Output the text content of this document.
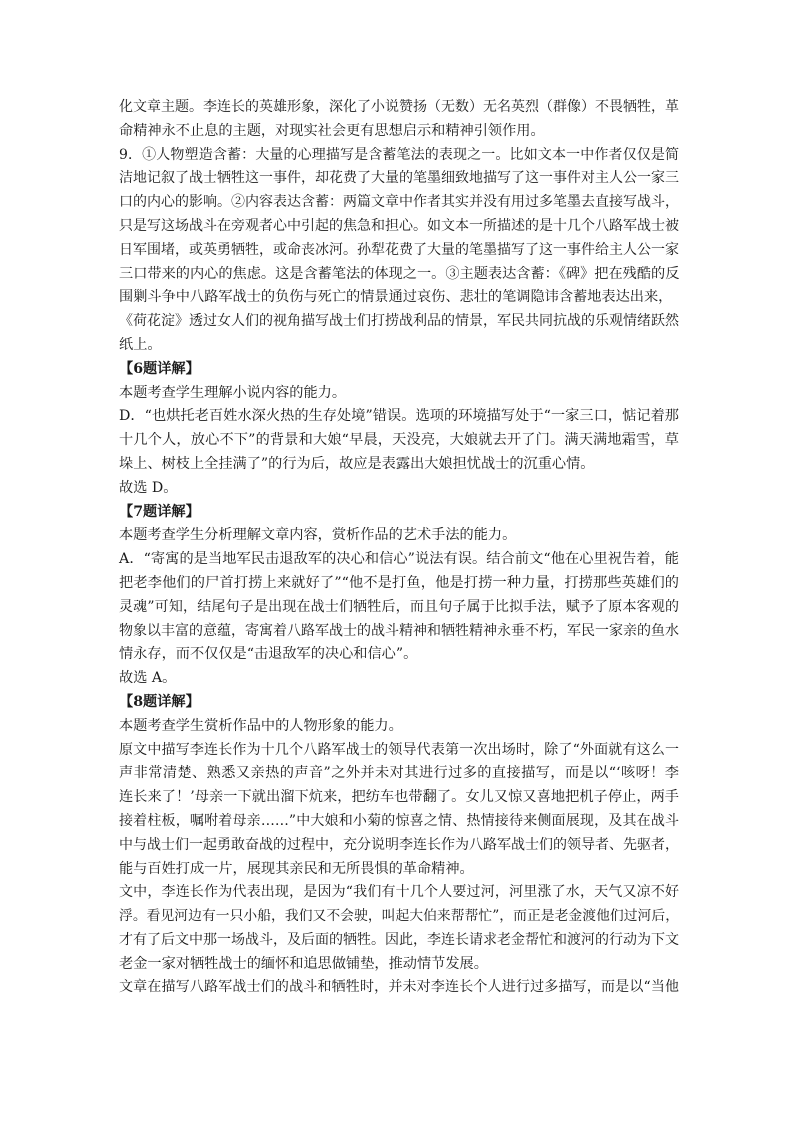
化文章主题。李连长的英雄形象，深化了小说赞扬（无数）无名英烈（群像）不畏牺牲，革
命精神永不止息的主题，对现实社会更有思想启示和精神引领作用。
9．①人物塑造含蓄：大量的心理描写是含蓄笔法的表现之一。比如文本一中作者仅仅是简
洁地记叙了战士牺牲这一事件，却花费了大量的笔墨细致地描写了这一事件对主人公一家三
口的内心的影响。②内容表达含蓄：两篇文章中作者其实并没有用过多笔墨去直接写战斗，
只是写这场战斗在旁观者心中引起的焦急和担心。如文本一所描述的是十几个八路军战士被
日军围堵，或英勇牺牲，或命丧冰河。孙犁花费了大量的笔墨描写了这一事件给主人公一家
三口带来的内心的焦虑。这是含蓄笔法的体现之一。③主题表达含蓄：《碑》把在残酷的反
围剿斗争中八路军战士的负伤与死亡的情景通过哀伤、悲壮的笔调隐讳含蓄地表达出来，
《荷花淀》透过女人们的视角描写战士们打捞战利品的情景，军民共同抗战的乐观情绪跃然
纸上。
【6题详解】
本题考查学生理解小说内容的能力。
D．“也烘托老百姓水深火热的生存处境”错误。选项的环境描写处于“一家三口，惦记着那
十几个人，放心不下”的背景和大娘“早晨，天没亮，大娘就去开了门。满天满地霜雪，草
垛上、树枝上全挂满了”的行为后，故应是表露出大娘担忧战士的沉重心情。
故选 D。
【7题详解】
本题考查学生分析理解文章内容，赏析作品的艺术手法的能力。
A．“寄寓的是当地军民击退敌军的决心和信心”说法有误。结合前文“他在心里祝告着，能
把老李他们的尸首打捞上来就好了”“他不是打鱼，他是打捞一种力量，打捞那些英雄们的
灵魂”可知，结尾句子是出现在战士们牺牲后，而且句子属于比拟手法，赋予了原本客观的
物象以丰富的意蕴，寄寓着八路军战士的战斗精神和牺牲精神永垂不朽，军民一家亲的鱼水
情永存，而不仅仅是“击退敌军的决心和信心”。
故选 A。
【8题详解】
本题考查学生赏析作品中的人物形象的能力。
原文中描写李连长作为十几个八路军战士的领导代表第一次出场时，除了“外面就有这么一
声非常清楚、熟悉又亲热的声音”之外并未对其进行过多的直接描写，而是以“‘咳呀！李
连长来了！’母亲一下就出溜下炕来，把纺车也带翻了。女儿又惊又喜地把机子停止，两手
接着柱板，嘱咐着母亲……”中大娘和小菊的惊喜之情、热情接待来侧面展现，及其在战斗
中与战士们一起勇敢奋战的过程中，充分说明李连长作为八路军战士们的领导者、先驱者，
能与百姓打成一片，展现其亲民和无所畏惧的革命精神。
文中，李连长作为代表出现，是因为“我们有十几个人要过河，河里涨了水，天气又凉不好
浮。看见河边有一只小船，我们又不会驶，叫起大伯来帮帮忙”，而正是老金渡他们过河后，
才有了后文中那一场战斗，及后面的牺牲。因此，李连长请求老金帮忙和渡河的行动为下文
老金一家对牺牲战士的缅怀和追思做铺垫，推动情节发展。
文章在描写八路军战士们的战斗和牺牲时，并未对李连长个人进行过多描写，而是以“当他
